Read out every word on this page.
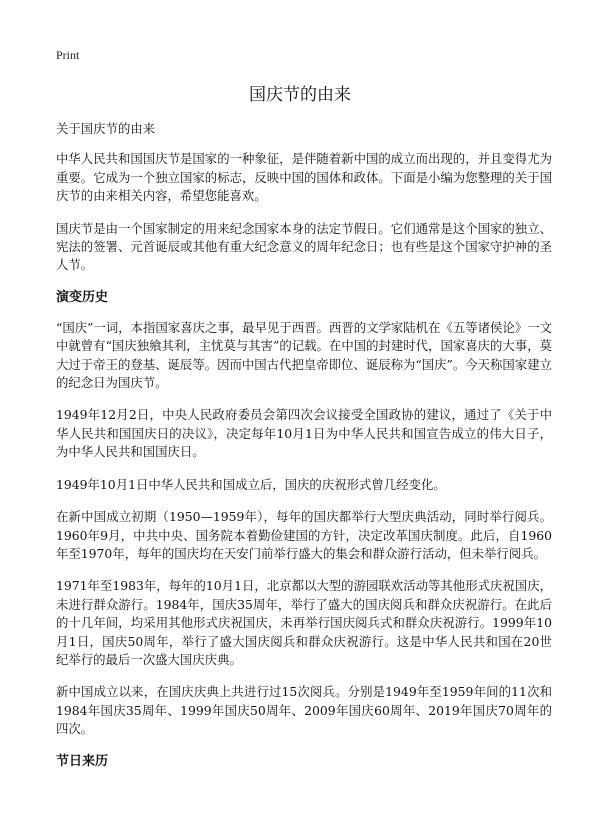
Print
国庆节的由来

关于国庆节的由来

中华人民共和国国庆节是国家的一种象征，是伴随着新中国的成立而出现的，并且变得尤为重要。它成为一个独立国家的标志，反映中国的国体和政体。下面是小编为您整理的关于国庆节的由来相关内容，希望您能喜欢。

国庆节是由一个国家制定的用来纪念国家本身的法定节假日。它们通常是这个国家的独立、宪法的签署、元首诞辰或其他有重大纪念意义的周年纪念日；也有些是这个国家守护神的圣人节。

演变历史

“国庆”一词，本指国家喜庆之事，最早见于西晋。西晋的文学家陆机在《五等诸侯论》一文中就曾有“国庆独飨其利，主忧莫与其害”的记载。在中国的封建时代，国家喜庆的大事，莫大过于帝王的登基、诞辰等。因而中国古代把皇帝即位、诞辰称为“国庆”。今天称国家建立的纪念日为国庆节。

1949年12月2日，中央人民政府委员会第四次会议接受全国政协的建议，通过了《关于中华人民共和国国庆日的决议》，决定每年10月1日为中华人民共和国宣告成立的伟大日子，为中华人民共和国国庆日。

1949年10月1日中华人民共和国成立后，国庆的庆祝形式曾几经变化。

在新中国成立初期（1950—1959年），每年的国庆都举行大型庆典活动，同时举行阅兵。1960年9月，中共中央、国务院本着勤俭建国的方针，决定改革国庆制度。此后，自1960年至1970年，每年的国庆均在天安门前举行盛大的集会和群众游行活动，但未举行阅兵。

1971年至1983年，每年的10月1日，北京都以大型的游园联欢活动等其他形式庆祝国庆，未进行群众游行。1984年，国庆35周年，举行了盛大的国庆阅兵和群众庆祝游行。在此后的十几年间，均采用其他形式庆祝国庆，未再举行国庆阅兵式和群众庆祝游行。1999年10月1日，国庆50周年，举行了盛大国庆阅兵和群众庆祝游行。这是中华人民共和国在20世纪举行的最后一次盛大国庆庆典。

新中国成立以来，在国庆庆典上共进行过15次阅兵。分别是1949年至1959年间的11次和1984年国庆35周年、1999年国庆50周年、2009年国庆60周年、2019年国庆70周年的四次。

节日来历
